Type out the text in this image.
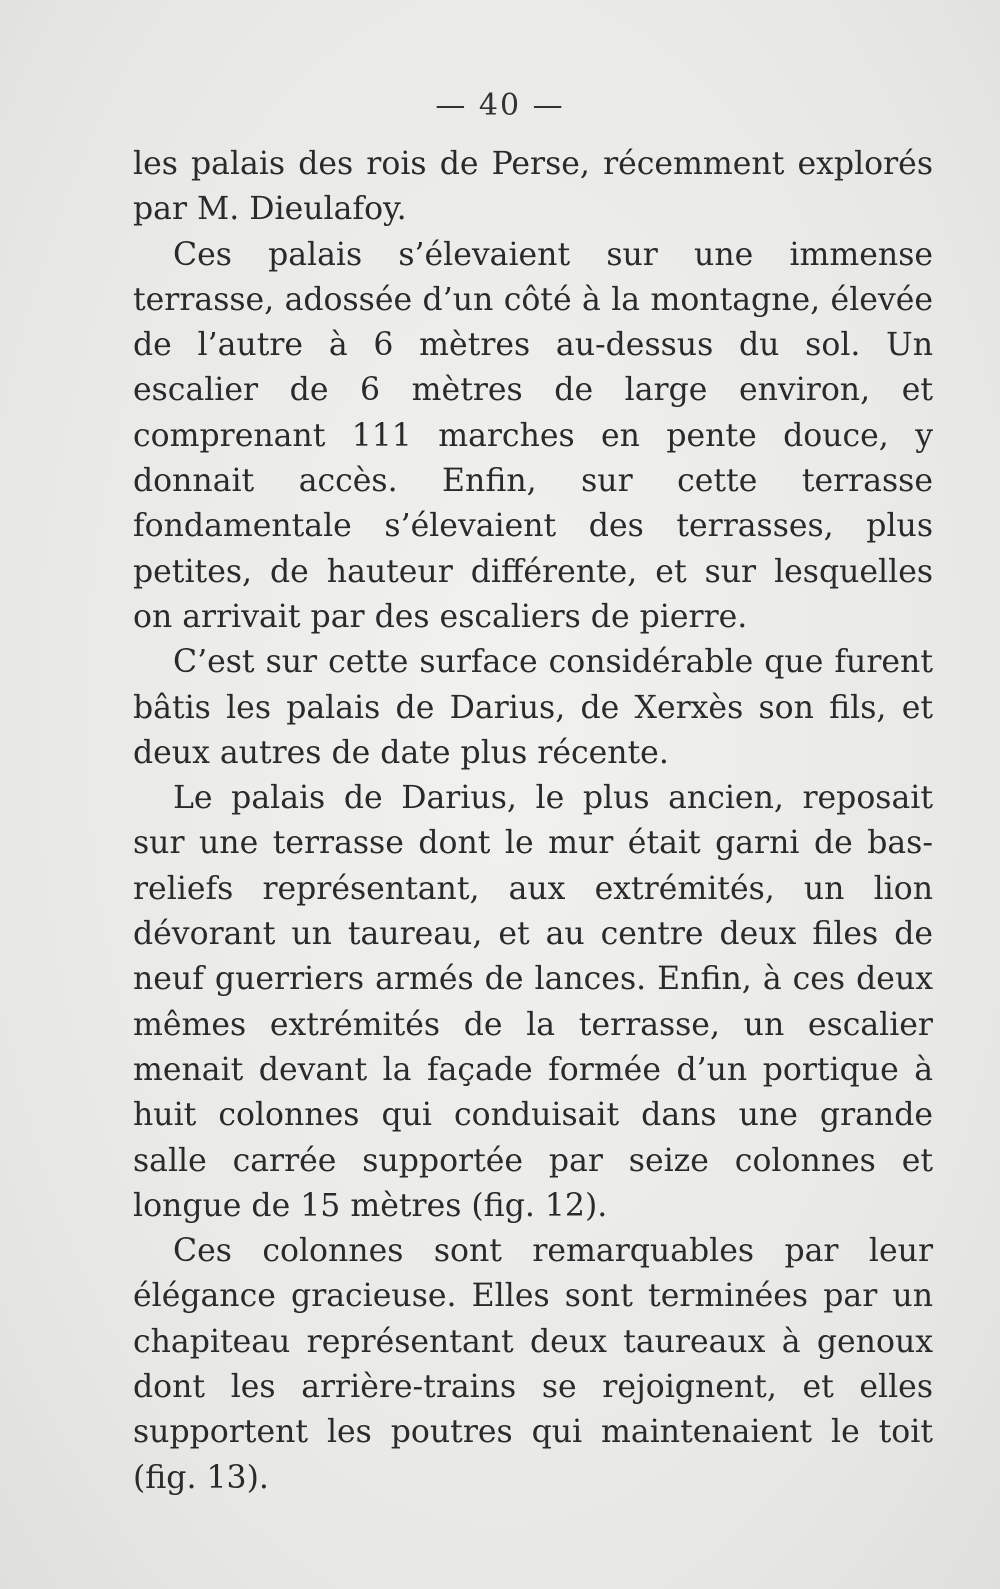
— 40 —

les palais des rois de Perse, récemment explorés par M. Dieulafoy.

Ces palais s’élevaient sur une immense terrasse, adossée d’un côté à la montagne, élevée de l’autre à 6 mètres au-dessus du sol. Un escalier de 6 mètres de large environ, et comprenant 111 marches en pente douce, y donnait accès. Enfin, sur cette terrasse fondamentale s’élevaient des terrasses, plus petites, de hauteur différente, et sur lesquelles on arrivait par des escaliers de pierre.

C’est sur cette surface considérable que furent bâtis les palais de Darius, de Xerxès son fils, et deux autres de date plus récente.

Le palais de Darius, le plus ancien, reposait sur une terrasse dont le mur était garni de bas-reliefs représentant, aux extrémités, un lion dévorant un taureau, et au centre deux files de neuf guerriers armés de lances. Enfin, à ces deux mêmes extrémités de la terrasse, un escalier menait devant la façade formée d’un portique à huit colonnes qui conduisait dans une grande salle carrée supportée par seize colonnes et longue de 15 mètres (fig. 12).

Ces colonnes sont remarquables par leur élégance gracieuse. Elles sont terminées par un chapiteau représentant deux taureaux à genoux dont les arrière-trains se rejoignent, et elles supportent les poutres qui maintenaient le toit (fig. 13).
